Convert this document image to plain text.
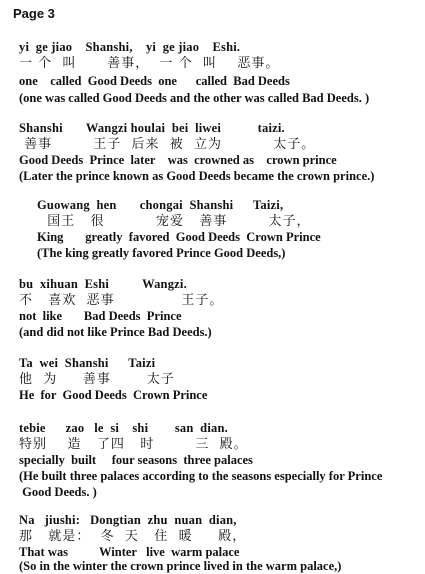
Page 3
yi  ge jiao    Shanshi,    yi  ge jiao    Eshi.
一 个  叫      善事，  一 个  叫    恶事。
one    called  Good Deeds  one      called  Bad Deeds
(one was called Good Deeds and the other was called Bad Deeds. )
Shanshi       Wangzi houlai  bei  liwei           taizi.
善事        王子  后来  被  立为          太子。
Good Deeds  Prince  later    was  crowned as    crown prince
(Later the prince known as Good Deeds became the crown prince.)
Guowang  hen       chongai  Shanshi      Taizi,
国王   很          宠爱   善事        太子，
King       greatly  favored  Good Deeds  Crown Prince
(The king greatly favored Prince Good Deeds,)
bu  xihuan  Eshi          Wangzi.
不   喜欢  恶事             王子。
not  like       Bad Deeds  Prince
(and did not like Prince Bad Deeds.)
Ta  wei  Shanshi      Taizi
他  为     善事       太子
He  for  Good Deeds  Crown Prince
tebie      zao   le  si    shi        san  dian.
特别    造   了四   时        三  殿。
specially  built     four seasons  three palaces
(He built three palaces according to the seasons especially for Prince
Good Deeds. )
Na   jiushi:   Dongtian  zhu  nuan  dian,
那   就是：  冬  天   住  暖     殿，
That was          Winter   live  warm palace
(So in the winter the crown prince lived in the warm palace,)
